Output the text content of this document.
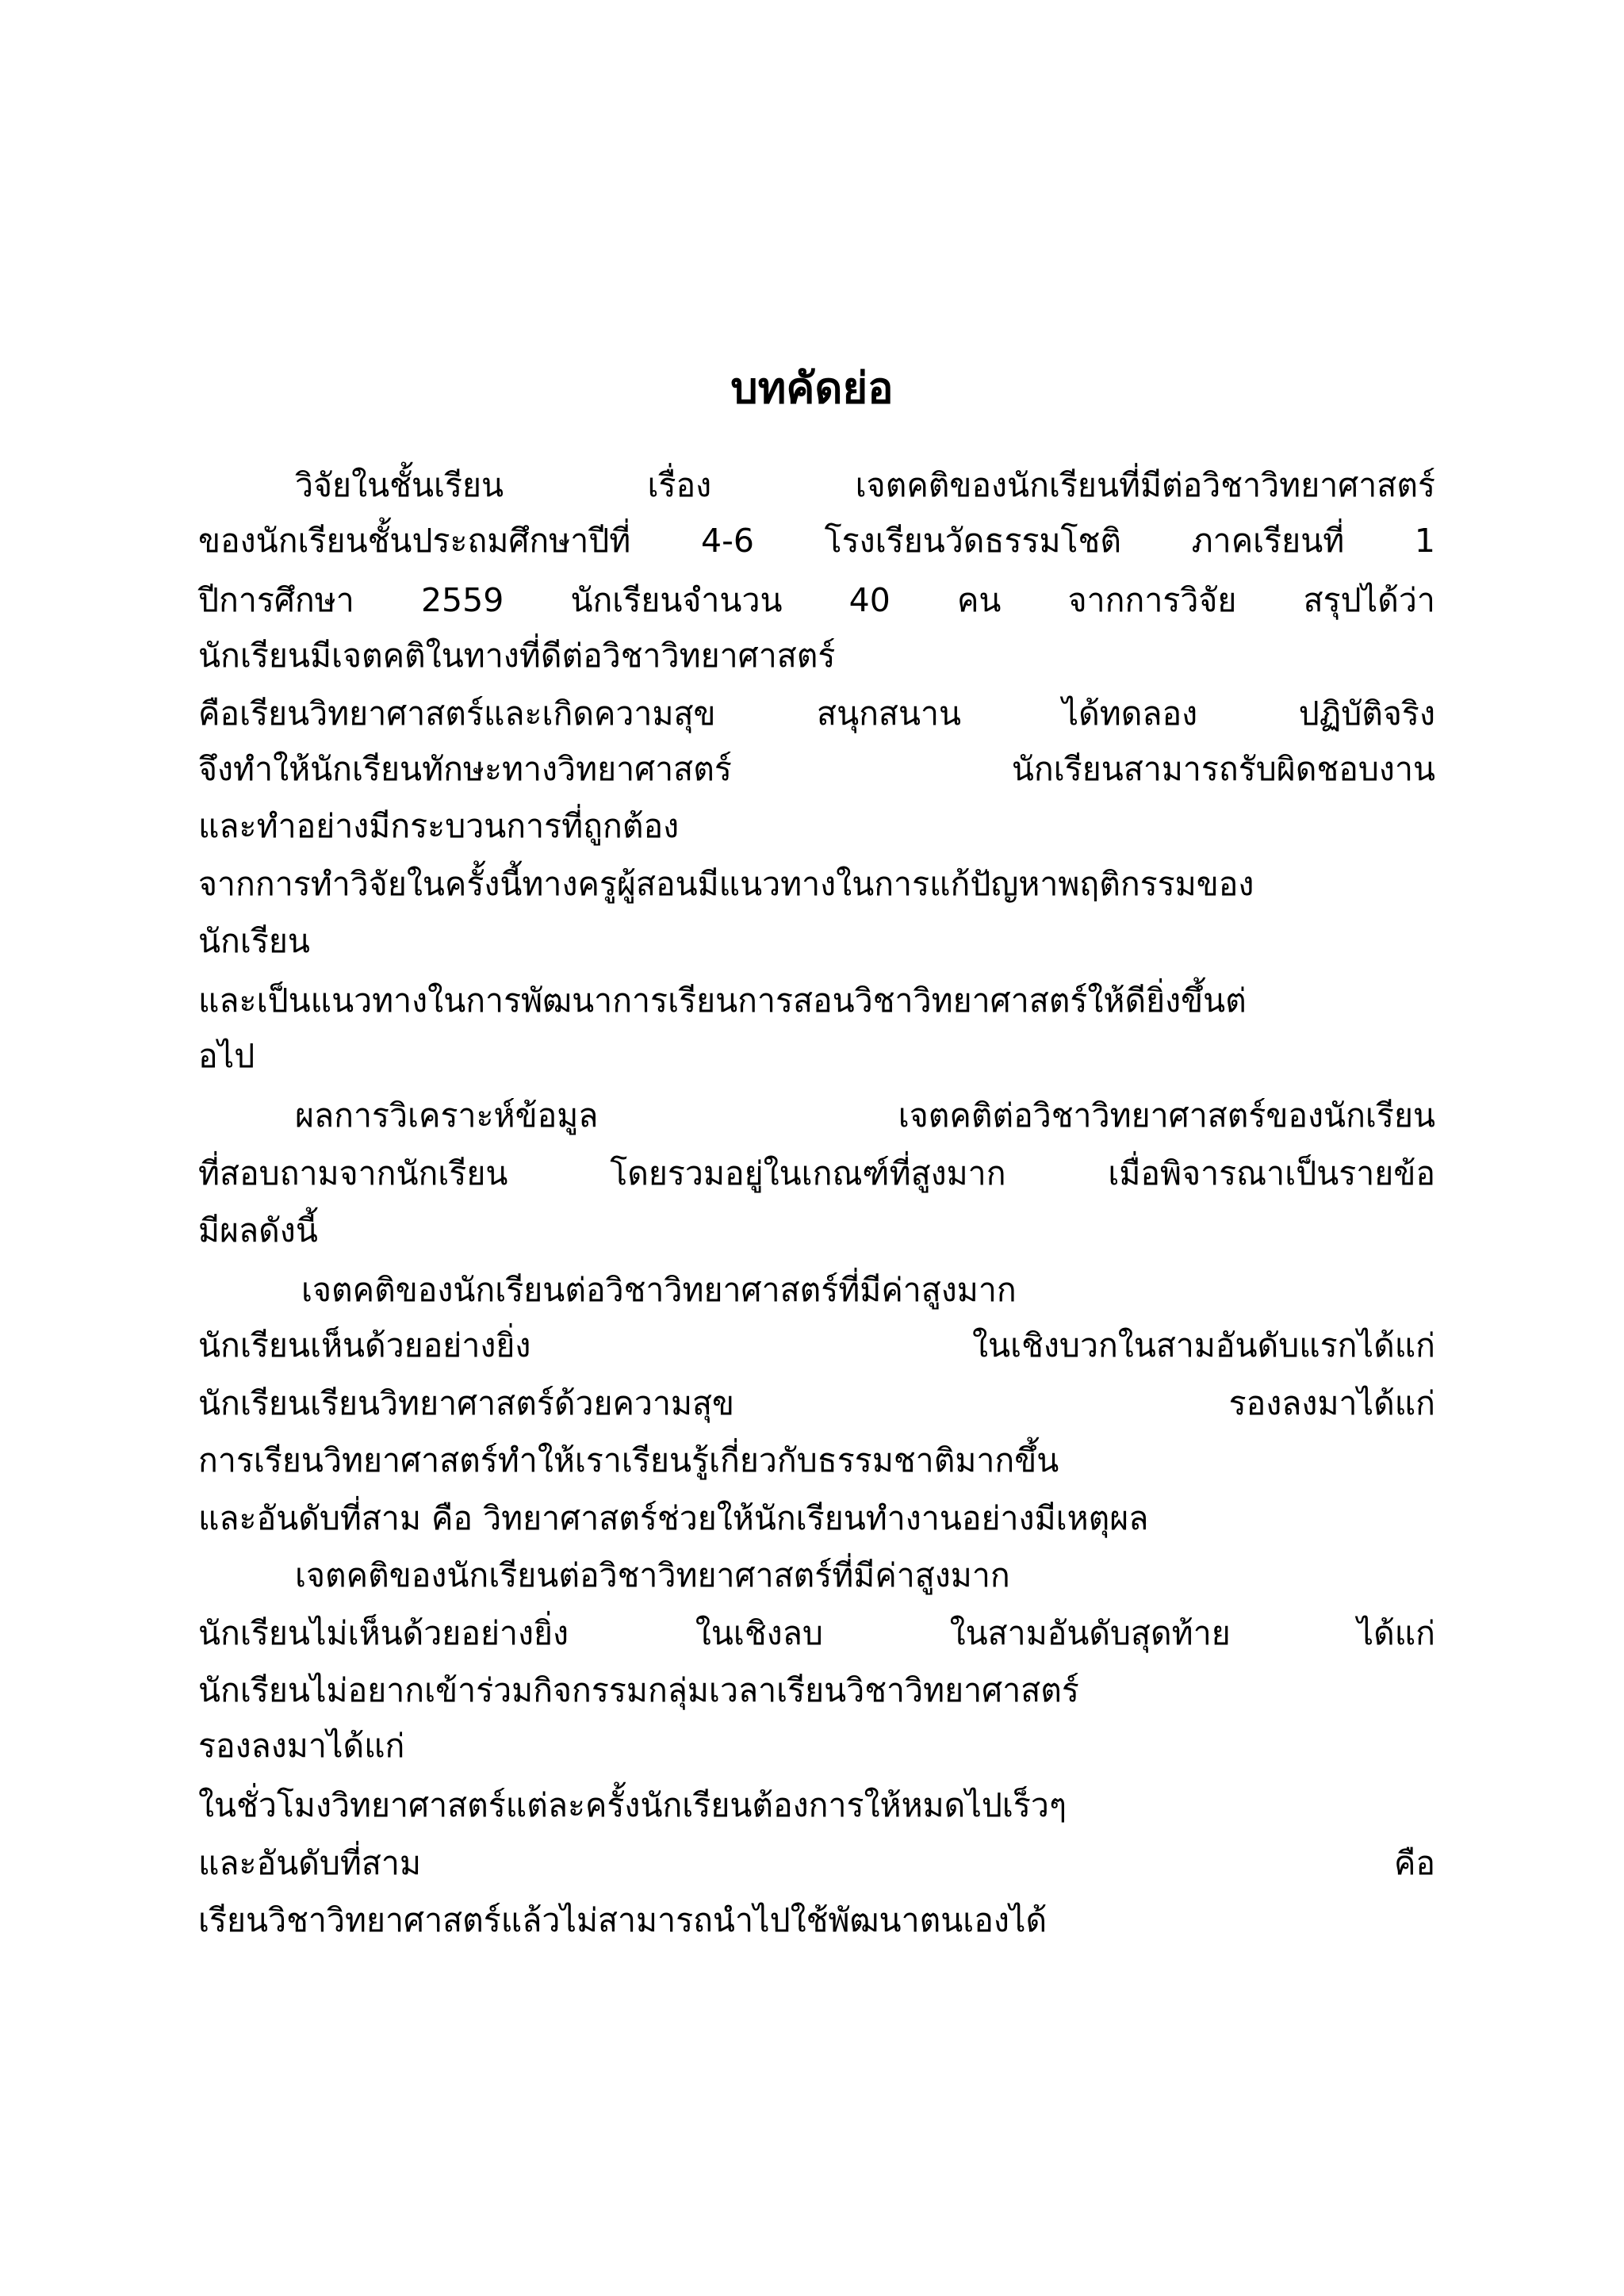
บทคัดย่อ
วิจัยในชั้นเรียน	เรื่อง	เจตคติของนักเรียนที่มีต่อวิชาวิทยาศาสตร์
ของนักเรียนชั้นประถมศึกษาปีที่ 4-6 โรงเรียนวัดธรรมโชติ ภาคเรียนที่ 1
ปีการศึกษา 2559 นักเรียนจำนวน 40 คน จากการวิจัย สรุปได้ว่า
นักเรียนมีเจตคติในทางที่ดีต่อวิชาวิทยาศาสตร์
คือเรียนวิทยาศาสตร์และเกิดความสุข	สนุกสนาน	ได้ทดลอง	ปฏิบัติจริง
จึงทำให้นักเรียนทักษะทางวิทยาศาสตร์	นักเรียนสามารถรับผิดชอบงาน
และทำอย่างมีกระบวนการที่ถูกต้อง
จากการทำวิจัยในครั้งนี้ทางครูผู้สอนมีแนวทางในการแก้ปัญหาพฤติกรรมของ
นักเรียน
และเป็นแนวทางในการพัฒนาการเรียนการสอนวิชาวิทยาศาสตร์ให้ดียิ่งขึ้นต่
อไป
ผลการวิเคราะห์ข้อมูล	เจตคติต่อวิชาวิทยาศาสตร์ของนักเรียน
ที่สอบถามจากนักเรียน	โดยรวมอยู่ในเกณฑ์ที่สูงมาก	เมื่อพิจารณาเป็นรายข้อ
มีผลดังนี้
เจตคติของนักเรียนต่อวิชาวิทยาศาสตร์ที่มีค่าสูงมาก
นักเรียนเห็นด้วยอย่างยิ่ง	ในเชิงบวกในสามอันดับแรกได้แก่
นักเรียนเรียนวิทยาศาสตร์ด้วยความสุข	รองลงมาได้แก่
การเรียนวิทยาศาสตร์ทำให้เราเรียนรู้เกี่ยวกับธรรมชาติมากขึ้น
และอันดับที่สาม คือ วิทยาศาสตร์ช่วยให้นักเรียนทำงานอย่างมีเหตุผล
เจตคติของนักเรียนต่อวิชาวิทยาศาสตร์ที่มีค่าสูงมาก
นักเรียนไม่เห็นด้วยอย่างยิ่ง	ในเชิงลบ	ในสามอันดับสุดท้าย	ได้แก่
นักเรียนไม่อยากเข้าร่วมกิจกรรมกลุ่มเวลาเรียนวิชาวิทยาศาสตร์
รองลงมาได้แก่
ในชั่วโมงวิทยาศาสตร์แต่ละครั้งนักเรียนต้องการให้หมดไปเร็วๆ
และอันดับที่สาม	คือ
เรียนวิชาวิทยาศาสตร์แล้วไม่สามารถนำไปใช้พัฒนาตนเองได้
